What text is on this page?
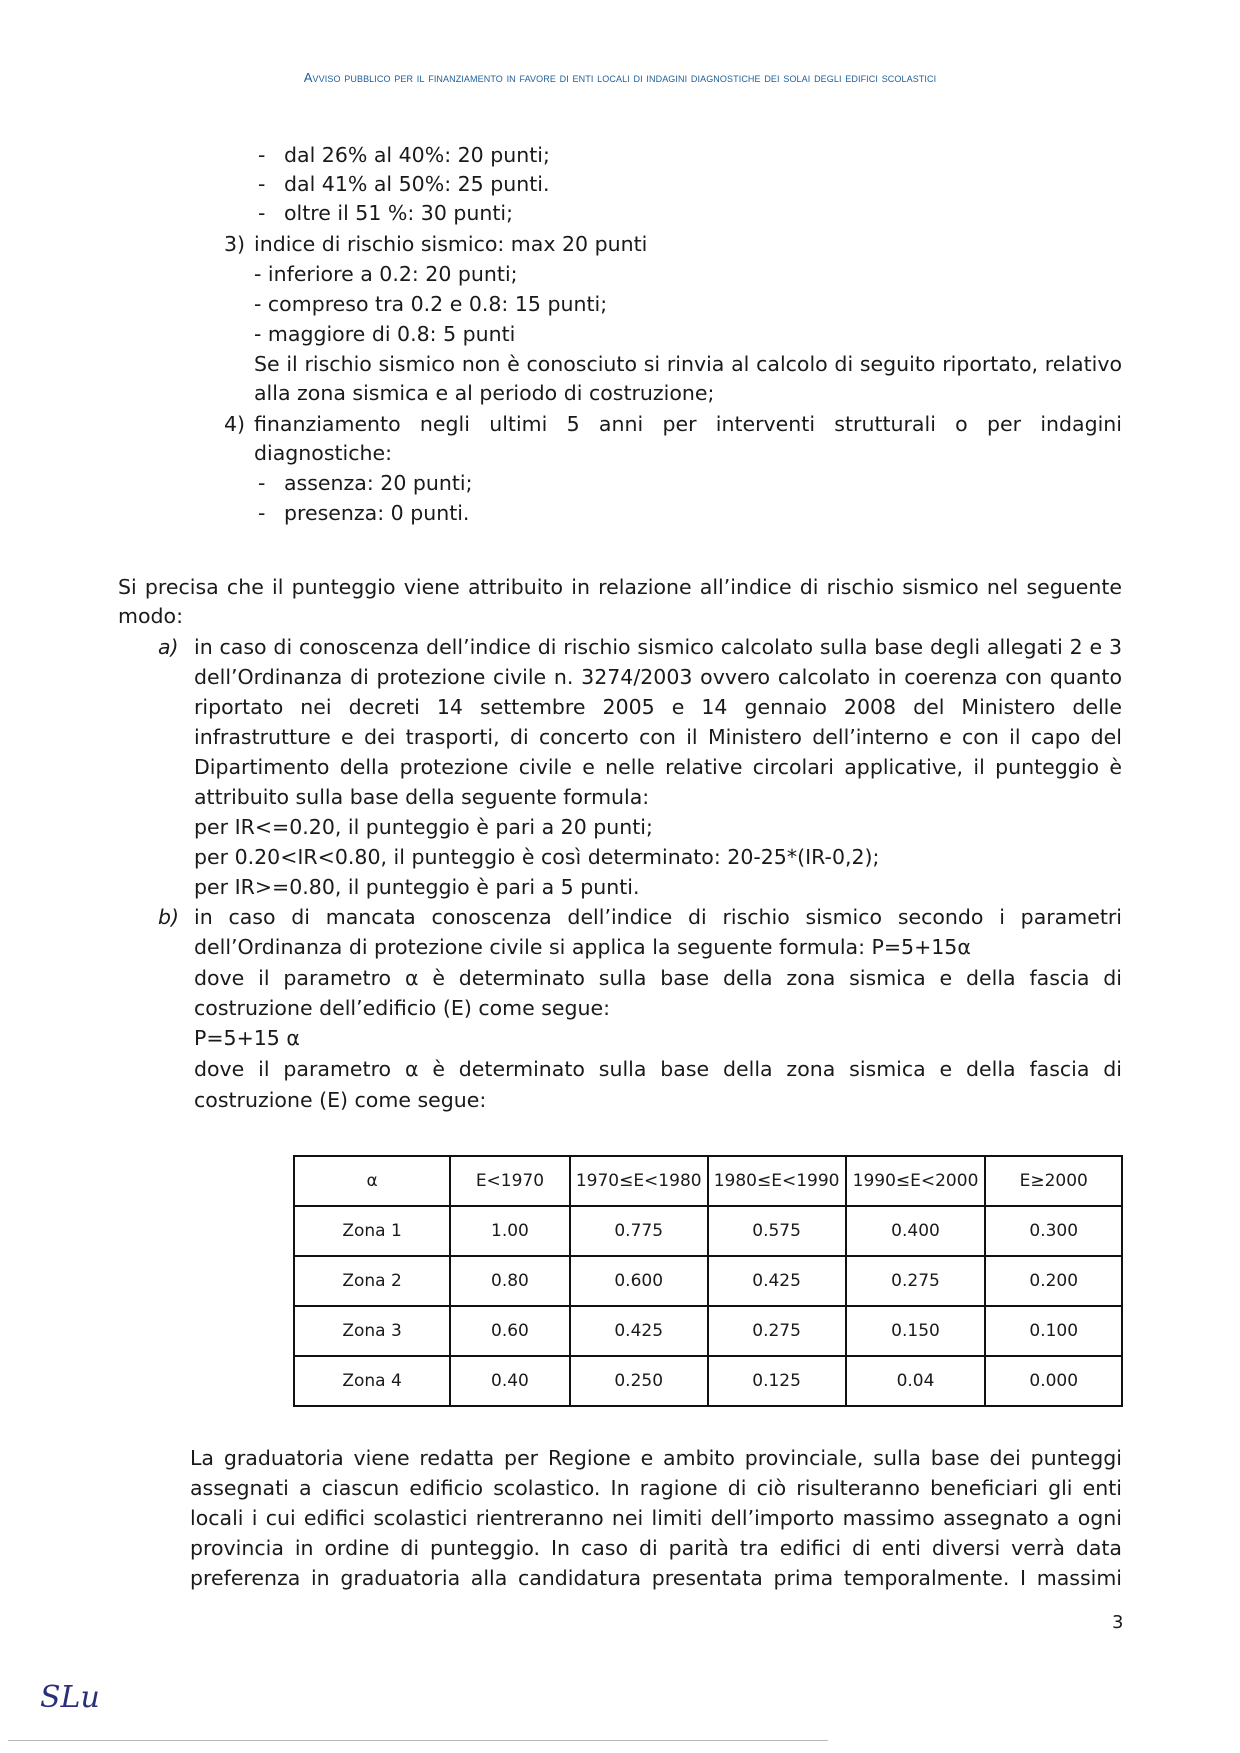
Avviso pubblico per il finanziamento in favore di enti locali di indagini diagnostiche dei solai degli edifici scolastici
- dal 26% al 40%: 20 punti;
- dal 41% al 50%: 25 punti.
- oltre il 51 %: 30 punti;
3) indice di rischio sismico: max 20 punti
- inferiore a 0.2: 20 punti;
- compreso tra 0.2 e 0.8: 15 punti;
- maggiore di 0.8: 5 punti
Se il rischio sismico non è conosciuto si rinvia al calcolo di seguito riportato, relativo
alla zona sismica e al periodo di costruzione;
4) finanziamento negli ultimi 5 anni per interventi strutturali o per indagini
diagnostiche:
- assenza: 20 punti;
- presenza: 0 punti.
Si precisa che il punteggio viene attribuito in relazione all’indice di rischio sismico nel seguente
modo:
a) in caso di conoscenza dell’indice di rischio sismico calcolato sulla base degli allegati 2 e 3
dell’Ordinanza di protezione civile n. 3274/2003 ovvero calcolato in coerenza con quanto
riportato nei decreti 14 settembre 2005 e 14 gennaio 2008 del Ministero delle
infrastrutture e dei trasporti, di concerto con il Ministero dell’interno e con il capo del
Dipartimento della protezione civile e nelle relative circolari applicative, il punteggio è
attribuito sulla base della seguente formula:
per IR<=0.20, il punteggio è pari a 20 punti;
per 0.20<IR<0.80, il punteggio è così determinato: 20-25*(IR-0,2);
per IR>=0.80, il punteggio è pari a 5 punti.
b) in caso di mancata conoscenza dell’indice di rischio sismico secondo i parametri
dell’Ordinanza di protezione civile si applica la seguente formula: P=5+15α
dove il parametro α è determinato sulla base della zona sismica e della fascia di
costruzione dell’edificio (E) come segue:
P=5+15 α
dove il parametro α è determinato sulla base della zona sismica e della fascia di
costruzione (E) come segue:
α	E<1970	1970≤E<1980	1980≤E<1990	1990≤E<2000	E≥2000
Zona 1	1.00	0.775	0.575	0.400	0.300
Zona 2	0.80	0.600	0.425	0.275	0.200
Zona 3	0.60	0.425	0.275	0.150	0.100
Zona 4	0.40	0.250	0.125	0.04	0.000
La graduatoria viene redatta per Regione e ambito provinciale, sulla base dei punteggi
assegnati a ciascun edificio scolastico. In ragione di ciò risulteranno beneficiari gli enti
locali i cui edifici scolastici rientreranno nei limiti dell’importo massimo assegnato a ogni
provincia in ordine di punteggio. In caso di parità tra edifici di enti diversi verrà data
preferenza in graduatoria alla candidatura presentata prima temporalmente. I massimi
3
SLu
